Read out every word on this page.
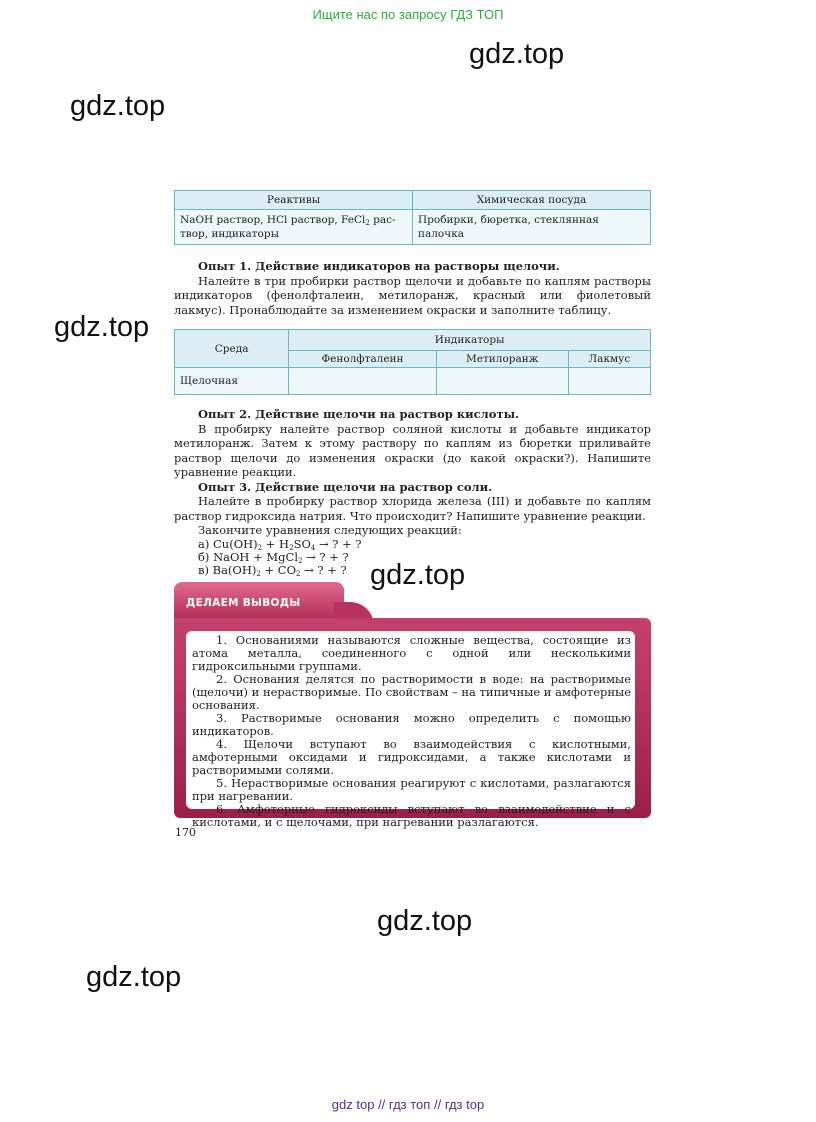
Ищите нас по запросу ГДЗ ТОП
gdz.top
gdz.top
gdz.top
gdz.top
gdz.top
gdz.top
Реактивы	Химическая посуда
NaOH раствор, HCl раствор, FeCl$_2$ рас-
твор, индикаторы	Пробирки, бюретка, стеклянная палочка

Опыт 1. Действие индикаторов на растворы щелочи.

Налейте в три пробирки раствор щелочи и добавьте по каплям растворы индикаторов (фенолфталеин, метилоранж, красный или фиолетовый лакмус). Пронаблюдайте за изменением окраски и заполните таблицу.

Среда	Индикаторы		
	Фенолфталеин	Метилоранж	Лакмус
Щелочная			

Опыт 2. Действие щелочи на раствор кислоты.

В пробирку налейте раствор соляной кислоты и добавьте индикатор метилоранж. Затем к этому раствору по каплям из бюретки приливайте раствор щелочи до изменения окраски (до какой окраски?). Напишите уравнение реакции.

Опыт 3. Действие щелочи на раствор соли.

Налейте в пробирку раствор хлорида железа (III) и добавьте по каплям раствор гидроксида натрия. Что происходит? Напишите уравнение реакции.

Закончите уравнения следующих реакций:

а) $Cu(OH)_2 + H_2SO_4$ → ? + ?
б) NaOH + MgCl$_2$ → ? + ?
в) $Ba(OH)_2 + CO_2$ → ? + ?

1. Основаниями называются сложные вещества, состоящие из атома металла, соединенного с одной или несколькими гидроксильными группами.

2. Основания делятся по растворимости в воде: на растворимые (щелочи) и нерастворимые. По свойствам – на типичные и амфотерные основания.

3. Растворимые основания можно определить с помощью индикаторов.

4. Щелочи вступают во взаимодействия с кислотными, амфотерными оксидами и гидроксидами, а также кислотами и растворимыми солями.

5. Нерастворимые основания реагируют с кислотами, разлагаются при нагревании.

6. Амфотерные гидроксиды вступают во взаимодействие и с кислотами, и с щелочами, при нагревании разлагаются.

ДЕЛАЕМ ВЫВОДЫ
170
gdz top // гдз топ // гдз top
